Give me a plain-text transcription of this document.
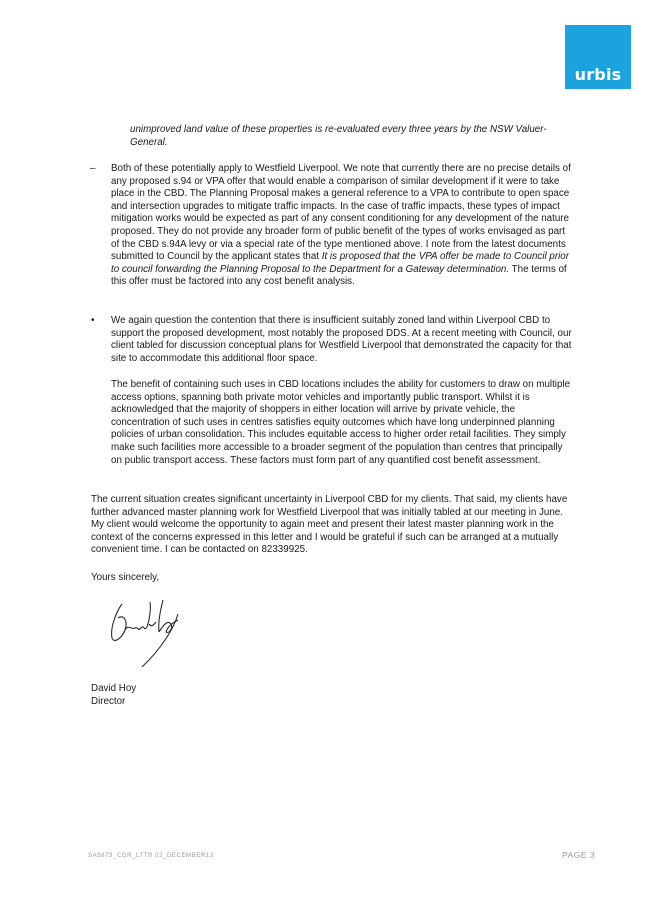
urbis

unimproved land value of these properties is re-evaluated every three years by the NSW Valuer-General.

– Both of these potentially apply to Westfield Liverpool. We note that currently there are no precise details of any proposed s.94 or VPA offer that would enable a comparison of similar development if it were to take place in the CBD. The Planning Proposal makes a general reference to a VPA to contribute to open space and intersection upgrades to mitigate traffic impacts. In the case of traffic impacts, these types of impact mitigation works would be expected as part of any consent conditioning for any development of the nature proposed. They do not provide any broader form of public benefit of the types of works envisaged as part of the CBD s.94A levy or via a special rate of the type mentioned above. I note from the latest documents submitted to Council by the applicant states that It is proposed that the VPA offer be made to Council prior to council forwarding the Planning Proposal to the Department for a Gateway determination. The terms of this offer must be factored into any cost benefit analysis.

• We again question the contention that there is insufficient suitably zoned land within Liverpool CBD to support the proposed development, most notably the proposed DDS. At a recent meeting with Council, our client tabled for discussion conceptual plans for Westfield Liverpool that demonstrated the capacity for that site to accommodate this additional floor space.

The benefit of containing such uses in CBD locations includes the ability for customers to draw on multiple access options, spanning both private motor vehicles and importantly public transport. Whilst it is acknowledged that the majority of shoppers in either location will arrive by private vehicle, the concentration of such uses in centres satisfies equity outcomes which have long underpinned planning policies of urban consolidation. This includes equitable access to higher order retail facilities. They simply make such facilities more accessible to a broader segment of the population than centres that principally on public transport access. These factors must form part of any quantified cost benefit assessment.

The current situation creates significant uncertainty in Liverpool CBD for my clients. That said, my clients have further advanced master planning work for Westfield Liverpool that was initially tabled at our meeting in June. My client would welcome the opportunity to again meet and present their latest master planning work in the context of the concerns expressed in this letter and I would be grateful if such can be arranged at a mutually convenient time. I can be contacted on 82339925.

Yours sincerely,

David Hoy

Director

SA5873_CGR_LTTR 02_DECEMBER13	PAGE 3
